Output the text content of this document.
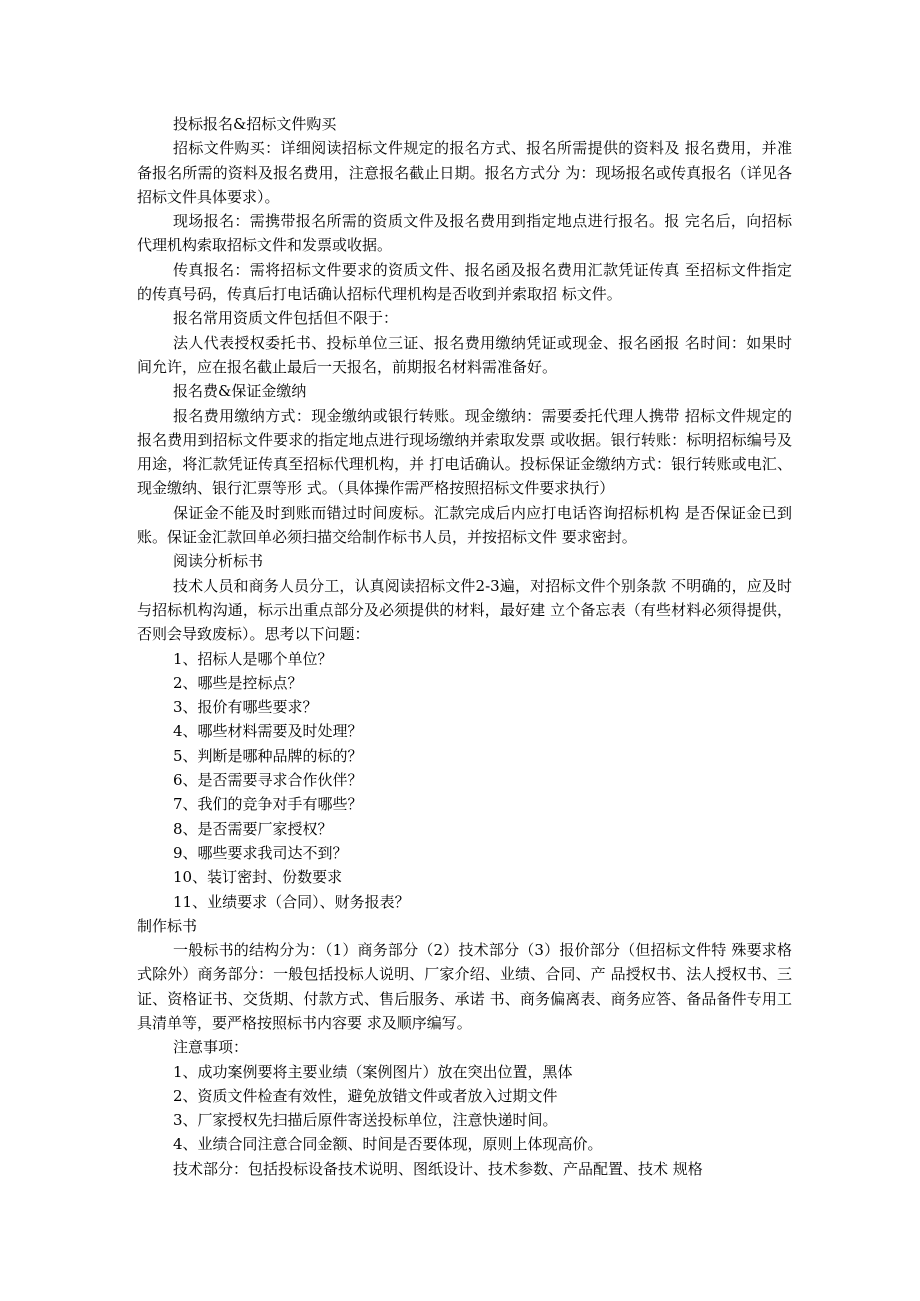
投标报名&招标文件购买

招标文件购买：详细阅读招标文件规定的报名方式、报名所需提供的资料及 报名费用，并准备报名所需的资料及报名费用，注意报名截止日期。报名方式分 为：现场报名或传真报名（详见各招标文件具体要求）。

现场报名：需携带报名所需的资质文件及报名费用到指定地点进行报名。报 完名后，向招标代理机构索取招标文件和发票或收据。

传真报名：需将招标文件要求的资质文件、报名函及报名费用汇款凭证传真 至招标文件指定的传真号码，传真后打电话确认招标代理机构是否收到并索取招 标文件。

报名常用资质文件包括但不限于：

法人代表授权委托书、投标单位三证、报名费用缴纳凭证或现金、报名函报 名时间：如果时间允许，应在报名截止最后一天报名，前期报名材料需准备好。

报名费&保证金缴纳

报名费用缴纳方式：现金缴纳或银行转账。现金缴纳：需要委托代理人携带 招标文件规定的报名费用到招标文件要求的指定地点进行现场缴纳并索取发票 或收据。银行转账：标明招标编号及用途，将汇款凭证传真至招标代理机构，并 打电话确认。投标保证金缴纳方式：银行转账或电汇、现金缴纳、银行汇票等形 式。（具体操作需严格按照招标文件要求执行）

保证金不能及时到账而错过时间废标。汇款完成后内应打电话咨询招标机构 是否保证金已到账。保证金汇款回单必须扫描交给制作标书人员，并按招标文件 要求密封。

阅读分析标书

技术人员和商务人员分工，认真阅读招标文件2-3遍，对招标文件个别条款 不明确的，应及时与招标机构沟通，标示出重点部分及必须提供的材料，最好建 立个备忘表（有些材料必须得提供，否则会导致废标）。思考以下问题：

1、招标人是哪个单位？

2、哪些是控标点？

3、报价有哪些要求？

4、哪些材料需要及时处理？

5、判断是哪种品牌的标的？

6、是否需要寻求合作伙伴？

7、我们的竞争对手有哪些？

8、是否需要厂家授权？

9、哪些要求我司达不到？

10、装订密封、份数要求

11、业绩要求（合同）、财务报表？

制作标书

一般标书的结构分为：（1）商务部分（2）技术部分（3）报价部分（但招标文件特 殊要求格式除外）商务部分：一般包括投标人说明、厂家介绍、业绩、合同、产 品授权书、法人授权书、三证、资格证书、交货期、付款方式、售后服务、承诺 书、商务偏离表、商务应答、备品备件专用工具清单等，要严格按照标书内容要 求及顺序编写。

注意事项：

1、成功案例要将主要业绩（案例图片）放在突出位置，黑体

2、资质文件检查有效性，避免放错文件或者放入过期文件

3、厂家授权先扫描后原件寄送投标单位，注意快递时间。

4、业绩合同注意合同金额、时间是否要体现，原则上体现高价。

技术部分：包括投标设备技术说明、图纸设计、技术参数、产品配置、技术 规格
